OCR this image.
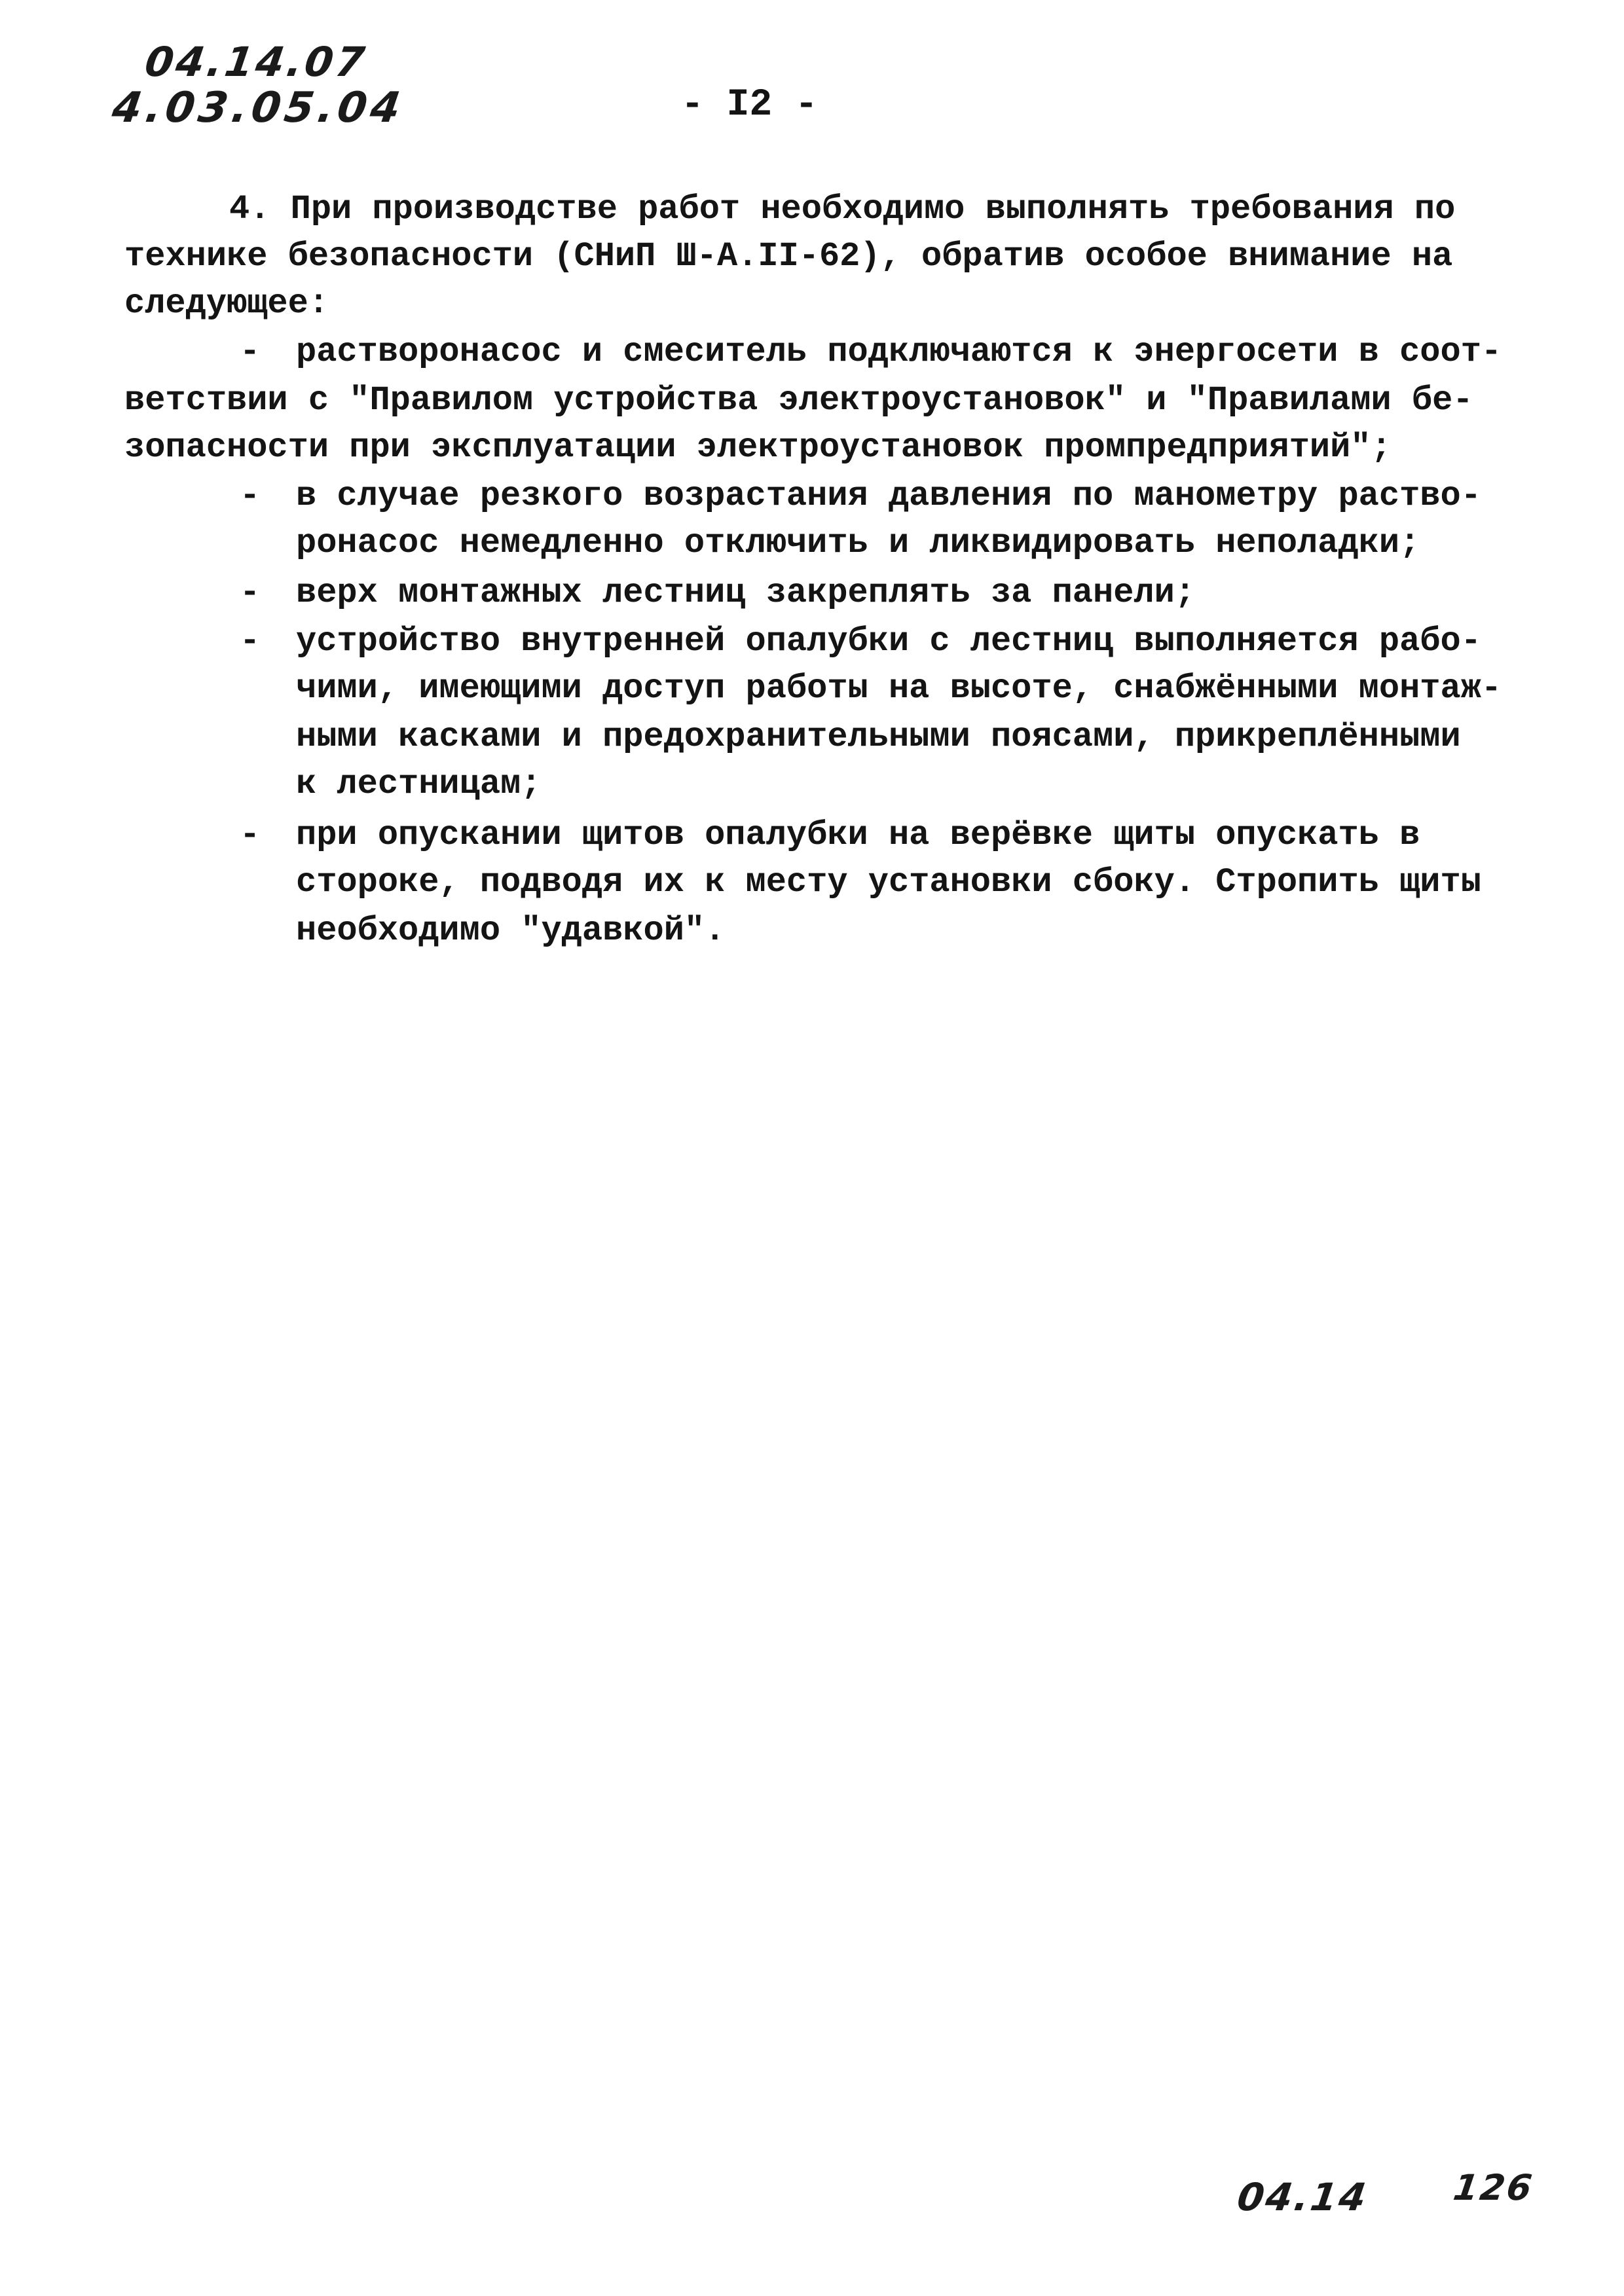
04.14.07
4.03.05.04	- I2 -
4. При производстве работ необходимо выполнять требования по
технике безопасности (СНиП Ш-А.II-62), обратив особое внимание на
следующее:
- растворонасос и смеситель подключаются к энергосети в соот-
ветствии с "Правилом устройства электроустановок" и "Правилами бе-
зопасности при эксплуатации электроустановок промпредприятий";
- в случае резкого возрастания давления по манометру раство-
ронасос немедленно отключить и ликвидировать неполадки;
- верх монтажных лестниц закреплять за панели;
- устройство внутренней опалубки с лестниц выполняется рабо-
чими, имеющими доступ работы на высоте, снабжёнными монтаж-
ными касками и предохранительными поясами, прикреплёнными
к лестницам;
- при опускании щитов опалубки на верёвке щиты опускать в
стороке, подводя их к месту установки сбоку. Стропить щиты
необходимо "удавкой".
04.14 126
